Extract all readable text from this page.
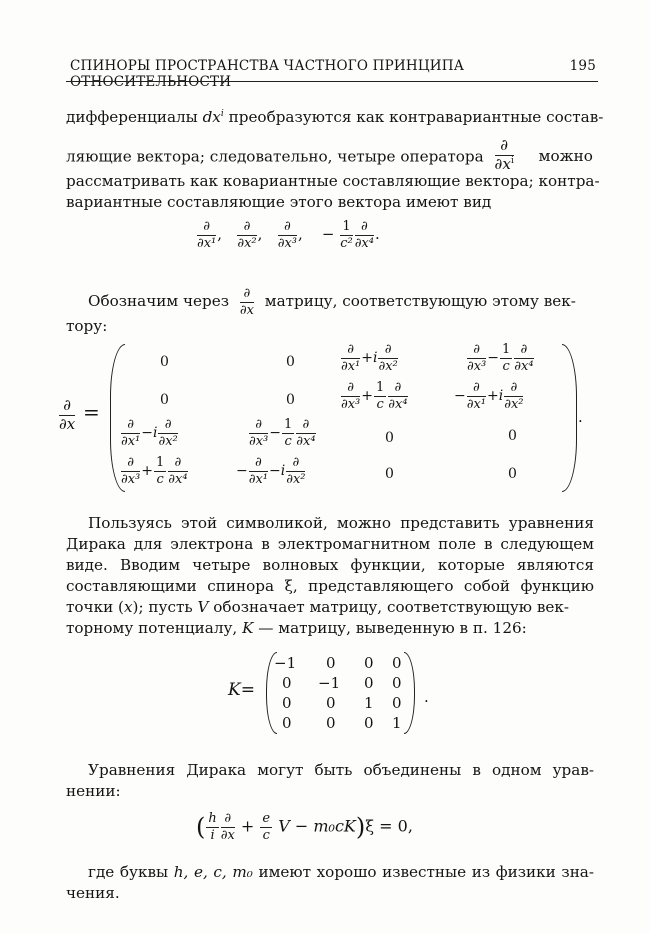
СПИНОРЫ ПРОСТРАНСТВА ЧАСТНОГО ПРИНЦИПА ОТНОСИТЕЛЬНОСТИ
195
дифференциалы $dx^i$ преобразуются как контравариантные состав-
ляющие вектора; следовательно, четыре оператора $\frac{\partial}{\partial x^i}$ можно
рассматривать как ковариантные составляющие вектора; контра-
вариантные составляющие этого вектора имеют вид
$\frac{\partial}{\text{∂x¹}}$ , $\frac{\partial}{\text{∂x²}}$ , $\frac{\partial}{\text{∂x³}}$ , − $\frac{1}{\text{c²}} \frac{\partial}{\text{∂x⁴}}$ .
Обозначим через $\frac{\partial}{\partial x}$ матрицу, соответствующую этому век-
тору:
$\frac{\partial}{\partial x}$ =
0	0	$\frac{\partial}{\text{∂x¹}} +i \frac{\partial}{\text{∂x²}}$	$\frac{\partial}{\text{∂x³}} - \frac{1}{c} \frac{\partial}{\text{∂x⁴}}$
0	0	$\frac{\partial}{\text{∂x³}} + \frac{1}{c} \frac{\partial}{\text{∂x⁴}}$	− $\frac{\partial}{\text{∂x¹}} +i \frac{\partial}{\text{∂x²}}$
$\frac{\partial}{\text{∂x¹}} -i \frac{\partial}{\text{∂x²}}$	$\frac{\partial}{\text{∂x³}} - \frac{1}{c} \frac{\partial}{\text{∂x⁴}}$	0	0
$\frac{\partial}{\text{∂x³}} + \frac{1}{c} \frac{\partial}{\text{∂x⁴}}$	− $\frac{\partial}{\text{∂x¹}} -i \frac{\partial}{\text{∂x²}}$	0	0
.
Пользуясь этой символикой, можно представить уравнения
Дирака для электрона в электромагнитном поле в следующем
виде. Вводим четыре волновых функции, которые являются
составляющими спинора ξ, представляющего собой функцию
точки (x); пусть V обозначает матрицу, соответствующую век-
торному потенциалу, K — матрицу, выведенную в п. 126:
K=
−1 0 0 0
0 −1 0 0
0 0 1 0
0 0 0 1
.
Уравнения Дирака могут быть объединены в одном урав-
нении:
( $\frac{h}{i} \frac{\partial}{\partial x} + \frac{e}{c}$ V − m₀cK)ξ = 0,
где буквы h, e, c, m₀ имеют хорошо известные из физики зна-
чения.
